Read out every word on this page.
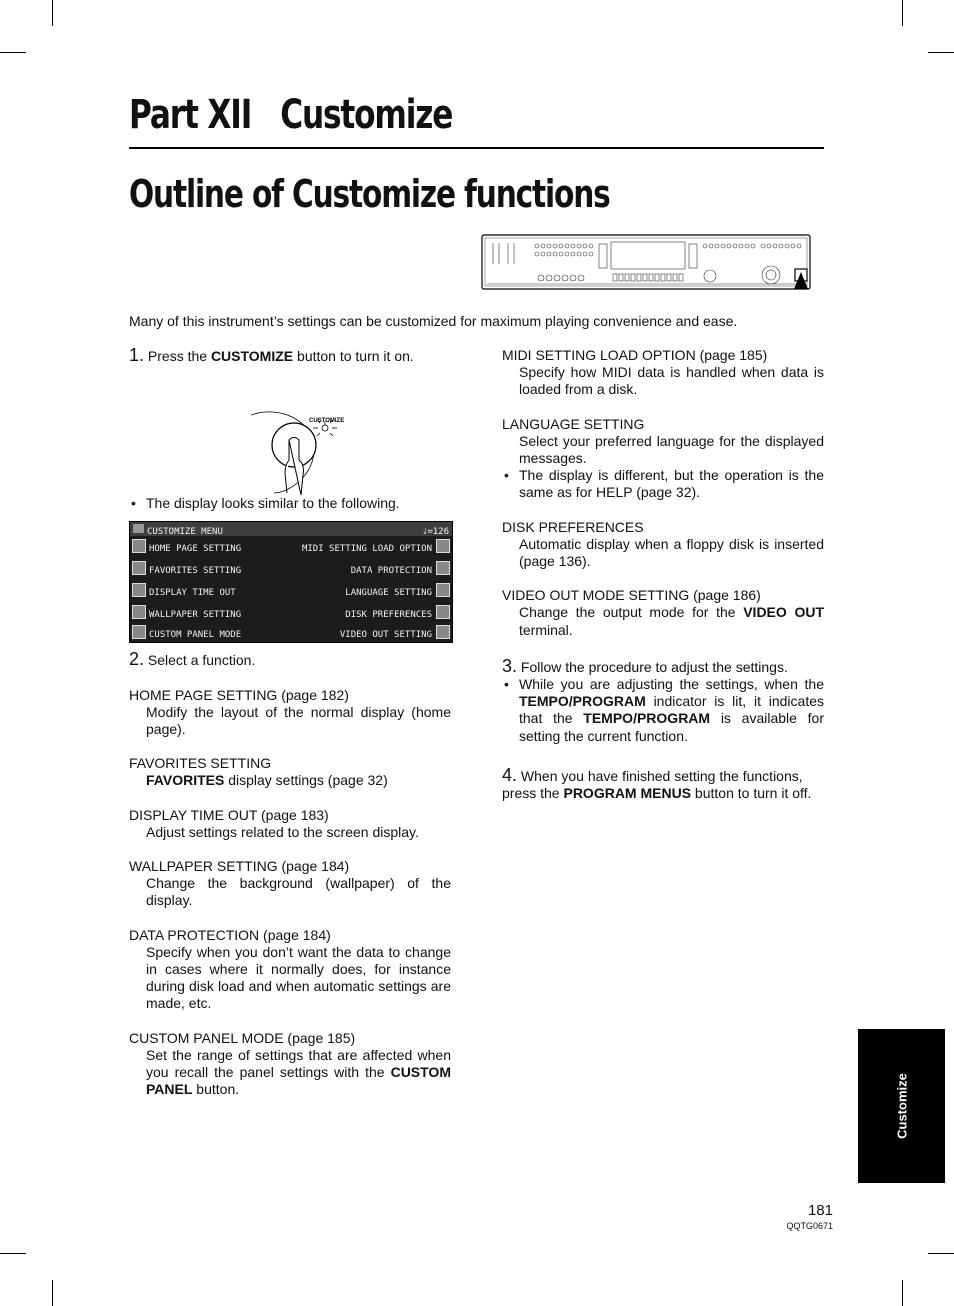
Part XII   Customize
Outline of Customize functions
Many of this instrument’s settings can be customized for maximum playing convenience and ease.

1. Press the CUSTOMIZE button to turn it on.

CUSTOMIZE
• The display looks similar to the following.
CUSTOMIZE MENU	♩=126
HOME PAGE SETTING	MIDI SETTING LOAD OPTION
FAVORITES SETTING	DATA PROTECTION
DISPLAY TIME OUT	LANGUAGE SETTING
WALLPAPER SETTING	DISK PREFERENCES
CUSTOM PANEL MODE	VIDEO OUT SETTING

2. Select a function.

HOME PAGE SETTING (page 182)

Modify the layout of the normal display (home page).

FAVORITES SETTING

FAVORITES display settings (page 32)

DISPLAY TIME OUT (page 183)

Adjust settings related to the screen display.

WALLPAPER SETTING (page 184)

Change the background (wallpaper) of the display.

DATA PROTECTION (page 184)

Specify when you don’t want the data to change in cases where it normally does, for instance during disk load and when automatic settings are made, etc.

CUSTOM PANEL MODE (page 185)

Set the range of settings that are affected when you recall the panel settings with the CUSTOM PANEL button.

MIDI SETTING LOAD OPTION (page 185)

Specify how MIDI data is handled when data is loaded from a disk.

LANGUAGE SETTING

Select your preferred language for the displayed messages.
• The display is different, but the operation is the same as for HELP (page 32).

DISK PREFERENCES

Automatic display when a floppy disk is inserted (page 136).

VIDEO OUT MODE SETTING (page 186)

Change the output mode for the VIDEO OUT terminal.

3. Follow the procedure to adjust the settings.

• While you are adjusting the settings, when the TEMPO/PROGRAM indicator is lit, it indicates that the TEMPO/PROGRAM is available for setting the current function.

4. When you have finished setting the functions, press the PROGRAM MENUS button to turn it off.

Customize
181
QQTG0671
